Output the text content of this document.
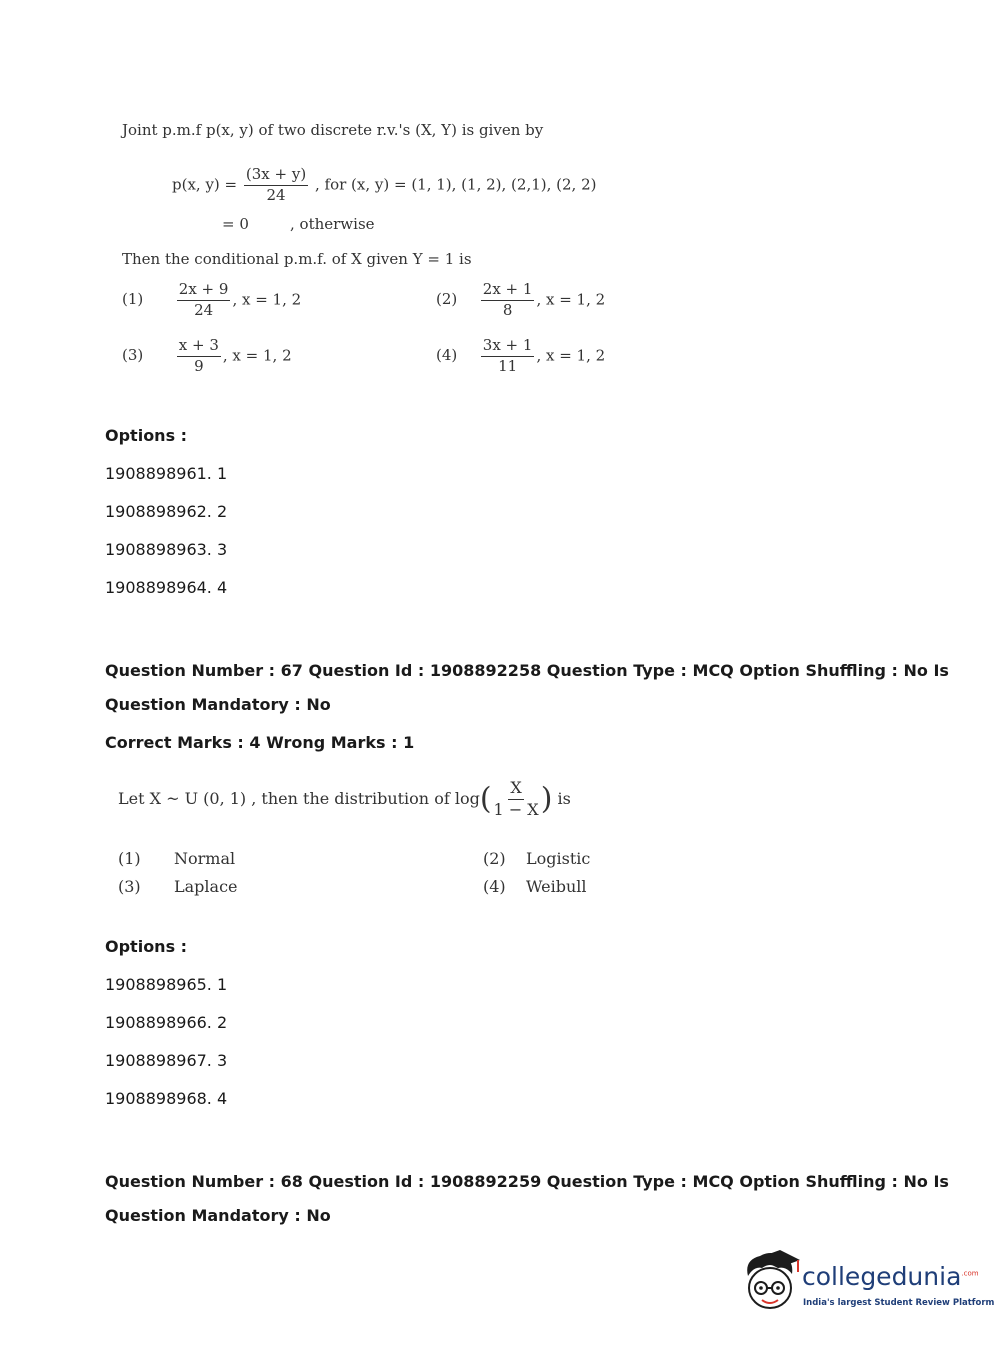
Joint p.m.f p(x, y) of two discrete r.v.'s (X, Y) is given by
p(x, $y) = \frac{(3x + y)}{24}$ , for (x, y) = (1, 1), (1, 2), (2,1), (2, 2)
= 0	, otherwise
Then the conditional p.m.f. of X given Y = 1 is
$(1) \frac{2x + 9}{24}$ , x = 1, 2	$(2) \frac{2x + 1}{8}$ , x = 1, 2
$(3) \frac{x + 3}{9}$ , x = 1, 2	$(4) \frac{3x + 1}{11}$ , x = 1, 2
Options :
1908898961. 1
1908898962. 2
1908898963. 3
1908898964. 4
Question Number : 67 Question Id : 1908892258 Question Type : MCQ Option Shuffling : No Is
Question Mandatory : No
Correct Marks : 4 Wrong Marks : 1
Let X ~ U (0, 1) , then the distribution of $\log( \frac{X}{1 - X}$ ) is
(1) Normal	(2) Logistic
(3) Laplace	(4) Weibull
Options :
1908898965. 1
1908898966. 2
1908898967. 3
1908898968. 4
Question Number : 68 Question Id : 1908892259 Question Type : MCQ Option Shuffling : No Is
Question Mandatory : No
collegedunia$^{.com}$
India's largest Student Review Platform
